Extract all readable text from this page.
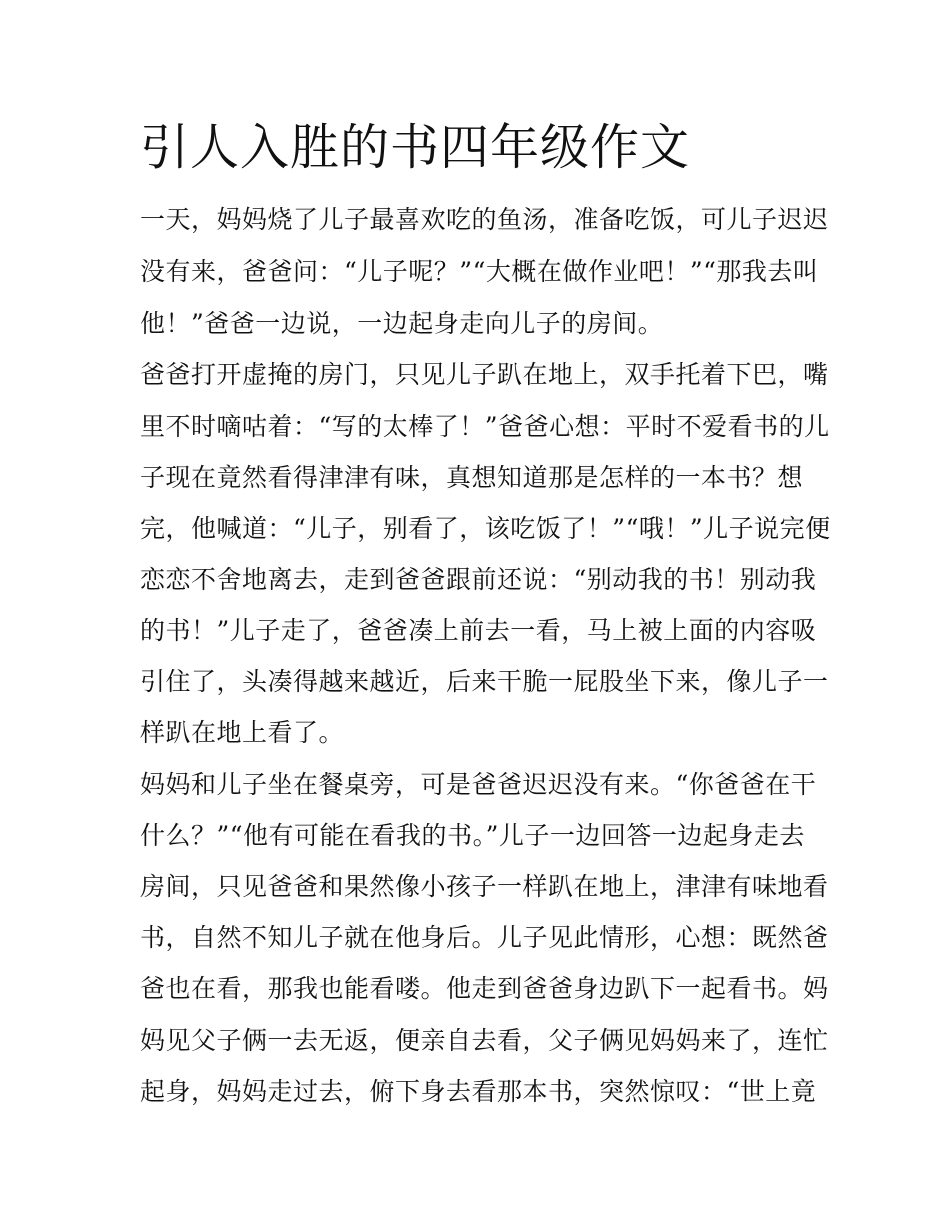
引人入胜的书四年级作文
一天，妈妈烧了儿子最喜欢吃的鱼汤，准备吃饭，可儿子迟迟
没有来，爸爸问：“儿子呢？”“大概在做作业吧！”“那我去叫
他！”爸爸一边说，一边起身走向儿子的房间。
爸爸打开虚掩的房门，只见儿子趴在地上，双手托着下巴，嘴
里不时嘀咕着：“写的太棒了！”爸爸心想：平时不爱看书的儿
子现在竟然看得津津有味，真想知道那是怎样的一本书？想
完，他喊道：“儿子，别看了，该吃饭了！”“哦！”儿子说完便
恋恋不舍地离去，走到爸爸跟前还说：“别动我的书！别动我
的书！”儿子走了，爸爸凑上前去一看，马上被上面的内容吸
引住了，头凑得越来越近，后来干脆一屁股坐下来，像儿子一
样趴在地上看了。
妈妈和儿子坐在餐桌旁，可是爸爸迟迟没有来。“你爸爸在干
什么？”“他有可能在看我的书。”儿子一边回答一边起身走去
房间，只见爸爸和果然像小孩子一样趴在地上，津津有味地看
书，自然不知儿子就在他身后。儿子见此情形，心想：既然爸
爸也在看，那我也能看喽。他走到爸爸身边趴下一起看书。妈
妈见父子俩一去无返，便亲自去看，父子俩见妈妈来了，连忙
起身，妈妈走过去，俯下身去看那本书，突然惊叹：“世上竟
